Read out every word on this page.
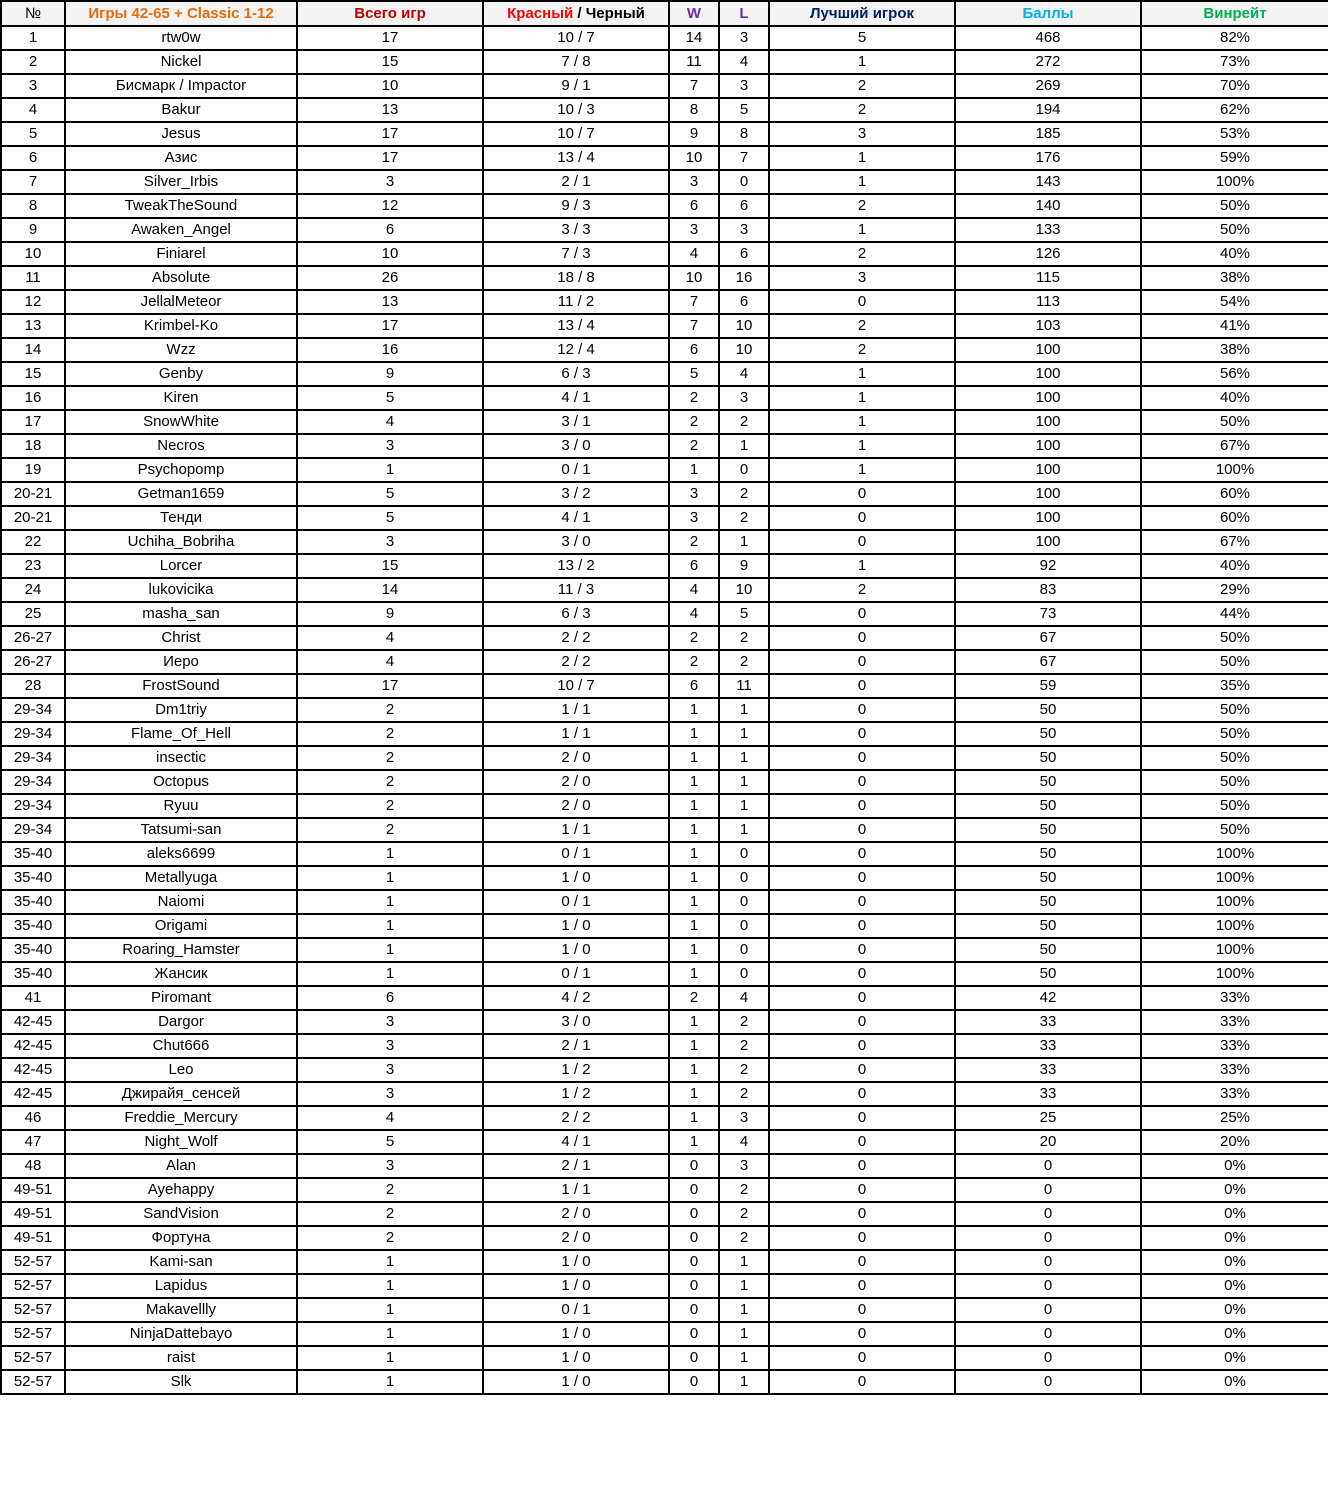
№	Игры 42-65 + Classic 1-12	Всего игр	Красный / Черный	W	L	Лучший игрок	Баллы	Винрейт
1	rtw0w	17	10 / 7	14	3	5	468	82%
2	Nickel	15	7 / 8	11	4	1	272	73%
3	Бисмарк / Impactor	10	9 / 1	7	3	2	269	70%
4	Bakur	13	10 / 3	8	5	2	194	62%
5	Jesus	17	10 / 7	9	8	3	185	53%
6	Азис	17	13 / 4	10	7	1	176	59%
7	Silver_Irbis	3	2 / 1	3	0	1	143	100%
8	TweakTheSound	12	9 / 3	6	6	2	140	50%
9	Awaken_Angel	6	3 / 3	3	3	1	133	50%
10	Finiarel	10	7 / 3	4	6	2	126	40%
11	Absolute	26	18 / 8	10	16	3	115	38%
12	JellalMeteor	13	11 / 2	7	6	0	113	54%
13	Krimbel-Ko	17	13 / 4	7	10	2	103	41%
14	Wzz	16	12 / 4	6	10	2	100	38%
15	Genby	9	6 / 3	5	4	1	100	56%
16	Kiren	5	4 / 1	2	3	1	100	40%
17	SnowWhite	4	3 / 1	2	2	1	100	50%
18	Necros	3	3 / 0	2	1	1	100	67%
19	Psychopomp	1	0 / 1	1	0	1	100	100%
20-21	Getman1659	5	3 / 2	3	2	0	100	60%
20-21	Тенди	5	4 / 1	3	2	0	100	60%
22	Uchiha_Bobriha	3	3 / 0	2	1	0	100	67%
23	Lorcer	15	13 / 2	6	9	1	92	40%
24	lukovicika	14	11 / 3	4	10	2	83	29%
25	masha_san	9	6 / 3	4	5	0	73	44%
26-27	Christ	4	2 / 2	2	2	0	67	50%
26-27	Иеро	4	2 / 2	2	2	0	67	50%
28	FrostSound	17	10 / 7	6	11	0	59	35%
29-34	Dm1triy	2	1 / 1	1	1	0	50	50%
29-34	Flame_Of_Hell	2	1 / 1	1	1	0	50	50%
29-34	insectic	2	2 / 0	1	1	0	50	50%
29-34	Octopus	2	2 / 0	1	1	0	50	50%
29-34	Ryuu	2	2 / 0	1	1	0	50	50%
29-34	Tatsumi-san	2	1 / 1	1	1	0	50	50%
35-40	aleks6699	1	0 / 1	1	0	0	50	100%
35-40	Metallyuga	1	1 / 0	1	0	0	50	100%
35-40	Naiomi	1	0 / 1	1	0	0	50	100%
35-40	Origami	1	1 / 0	1	0	0	50	100%
35-40	Roaring_Hamster	1	1 / 0	1	0	0	50	100%
35-40	Жансик	1	0 / 1	1	0	0	50	100%
41	Piromant	6	4 / 2	2	4	0	42	33%
42-45	Dargor	3	3 / 0	1	2	0	33	33%
42-45	Chut666	3	2 / 1	1	2	0	33	33%
42-45	Leo	3	1 / 2	1	2	0	33	33%
42-45	Джирайя_сенсей	3	1 / 2	1	2	0	33	33%
46	Freddie_Mercury	4	2 / 2	1	3	0	25	25%
47	Night_Wolf	5	4 / 1	1	4	0	20	20%
48	Alan	3	2 / 1	0	3	0	0	0%
49-51	Ayehappy	2	1 / 1	0	2	0	0	0%
49-51	SandVision	2	2 / 0	0	2	0	0	0%
49-51	Фортуна	2	2 / 0	0	2	0	0	0%
52-57	Kami-san	1	1 / 0	0	1	0	0	0%
52-57	Lapidus	1	1 / 0	0	1	0	0	0%
52-57	Makavellly	1	0 / 1	0	1	0	0	0%
52-57	NinjaDattebayo	1	1 / 0	0	1	0	0	0%
52-57	raist	1	1 / 0	0	1	0	0	0%
52-57	Slk	1	1 / 0	0	1	0	0	0%
